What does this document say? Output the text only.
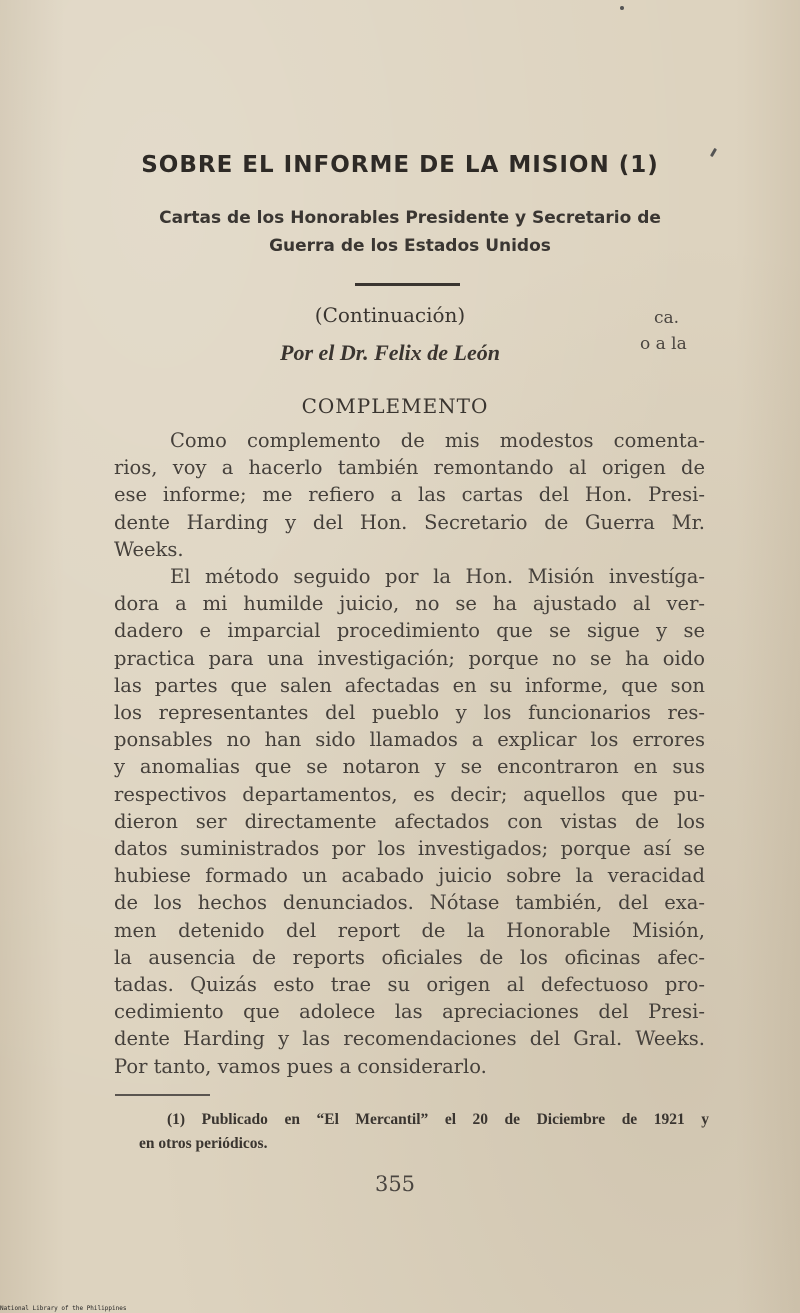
SOBRE EL INFORME DE LA MISION (1)
Cartas de los Honorables Presidente y Secretario de
Guerra de los Estados Unidos
(Continuación)
Por el Dr. Felix de León
ca.
o a la
COMPLEMENTO
Como complemento de mis modestos comenta-
rios, voy a hacerlo también remontando al origen de
ese informe; me refiero a las cartas del Hon. Presi-
dente Harding y del Hon. Secretario de Guerra Mr.
Weeks.
El método seguido por la Hon. Misión investíga-
dora a mi humilde juicio, no se ha ajustado al ver-
dadero e imparcial procedimiento que se sigue y se
practica para una investigación; porque no se ha oido
las partes que salen afectadas en su informe, que son
los representantes del pueblo y los funcionarios res-
ponsables no han sido llamados a explicar los errores
y anomalias que se notaron y se encontraron en sus
respectivos departamentos, es decir; aquellos que pu-
dieron ser directamente afectados con vistas de los
datos suministrados por los investigados; porque así se
hubiese formado un acabado juicio sobre la veracidad
de los hechos denunciados. Nótase también, del exa-
men detenido del report de la Honorable Misión,
la ausencia de reports oficiales de los oficinas afec-
tadas. Quizás esto trae su origen al defectuoso pro-
cedimiento que adolece las apreciaciones del Presi-
dente Harding y las recomendaciones del Gral. Weeks.
Por tanto, vamos pues a considerarlo.
(1) Publicado en “El Mercantil” el 20 de Diciembre de 1921 y
en otros periódicos.
355
National Library of the Philippines
